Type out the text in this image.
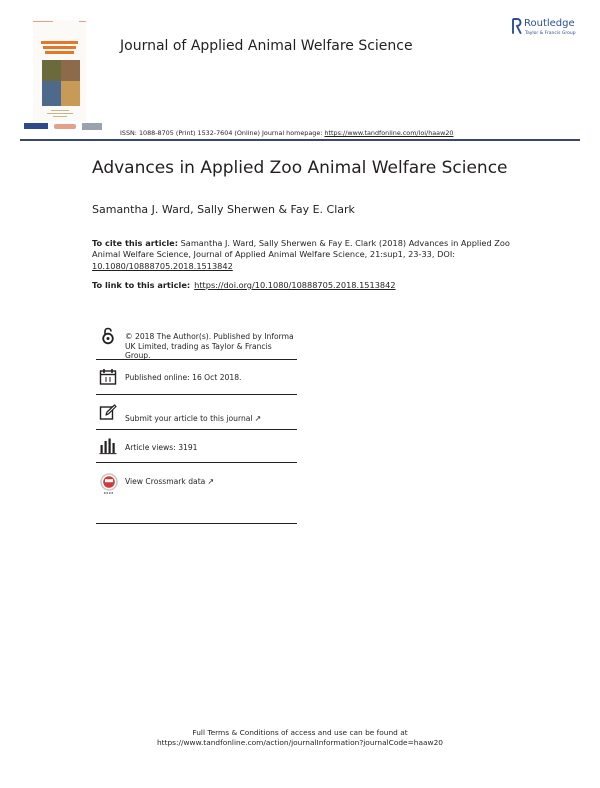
Journal of Applied Animal Welfare Science
ISSN: 1088-8705 (Print) 1532-7604 (Online) Journal homepage: https://www.tandfonline.com/loi/haaw20
Routledge
Taylor & Francis Group
Advances in Applied Zoo Animal Welfare Science
Samantha J. Ward, Sally Sherwen & Fay E. Clark
To cite this article: Samantha J. Ward, Sally Sherwen & Fay E. Clark (2018) Advances in Applied Zoo Animal Welfare Science, Journal of Applied Animal Welfare Science, 21:sup1, 23-33, DOI: 10.1080/10888705.2018.1513842
To link to this article: https://doi.org/10.1080/10888705.2018.1513842
© 2018 The Author(s). Published by Informa UK Limited, trading as Taylor & Francis Group.
Published online: 16 Oct 2018.
Submit your article to this journal ↗
Article views: 3191
View Crossmark data ↗
Full Terms & Conditions of access and use can be found at
https://www.tandfonline.com/action/journalInformation?journalCode=haaw20
